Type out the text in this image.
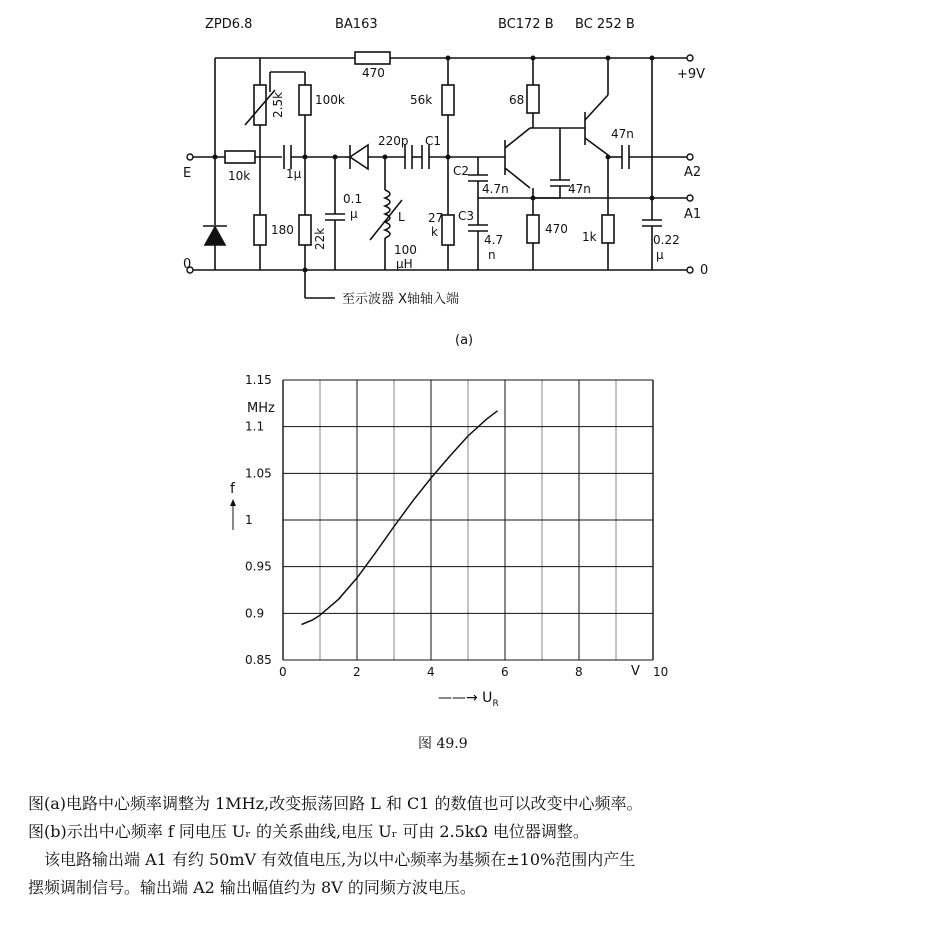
ZPD6.8	BA163	BC172 B BC 252 B
470
2.5k	100k	56k	68
47n
+9V
E	10k	1μ
220p C1
C2
4.7n	47n
A2
A1
0.1
μ	L 27
k
C3
4.7
n
470
1k	0.22
μ
180 22k	100
μH
0	0
至示波器 X轴轴入端
(a)
0.85
0.9
0.95
1
1.05
1.1
1.15
0	2	4	6	8	10
MHz
f
V
——→ $U_R$
图 49.9
图(a)电路中心频率调整为 1MHz,改变振荡回路 L 和 C1 的数值也可以改变中心频率。
图(b)示出中心频率 f 同电压 Uᵣ 的关系曲线,电压 Uᵣ 可由 2.5kΩ 电位器调整。
该电路输出端 A1 有约 50mV 有效值电压,为以中心频率为基频在±10%范围内产生
摆频调制信号。输出端 A2 输出幅值约为 8V 的同频方波电压。
